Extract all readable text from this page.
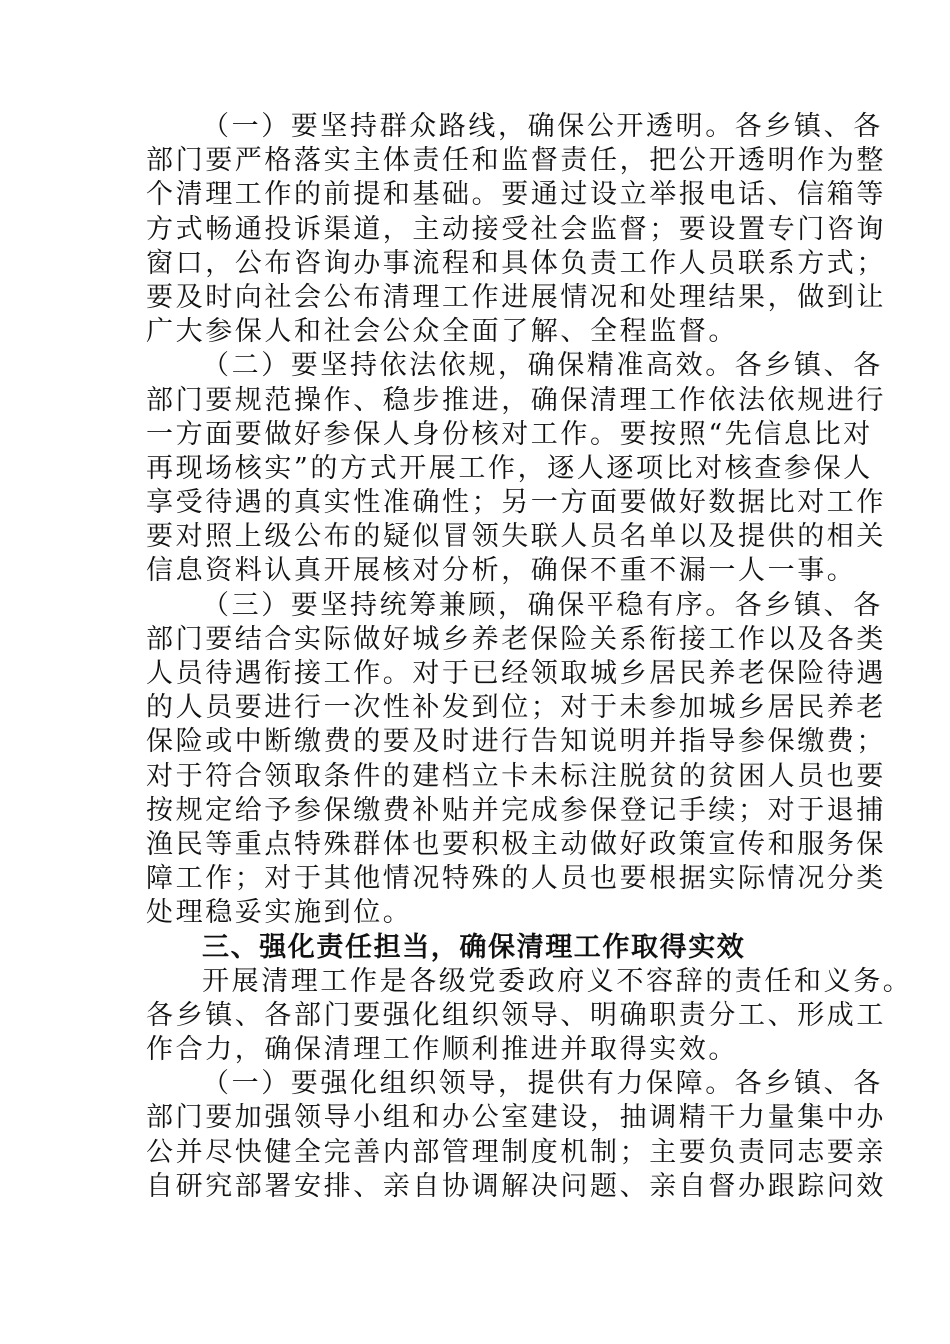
（一）要坚持群众路线，确保公开透明。各乡镇、各
部门要严格落实主体责任和监督责任，把公开透明作为整
个清理工作的前提和基础。要通过设立举报电话、信箱等
方式畅通投诉渠道，主动接受社会监督；要设置专门咨询
窗口，公布咨询办事流程和具体负责工作人员联系方式；
要及时向社会公布清理工作进展情况和处理结果，做到让
广大参保人和社会公众全面了解、全程监督。
（二）要坚持依法依规，确保精准高效。各乡镇、各
部门要规范操作、稳步推进，确保清理工作依法依规进行
一方面要做好参保人身份核对工作。要按照“先信息比对
再现场核实”的方式开展工作，逐人逐项比对核查参保人
享受待遇的真实性准确性；另一方面要做好数据比对工作
要对照上级公布的疑似冒领失联人员名单以及提供的相关
信息资料认真开展核对分析，确保不重不漏一人一事。
（三）要坚持统筹兼顾，确保平稳有序。各乡镇、各
部门要结合实际做好城乡养老保险关系衔接工作以及各类
人员待遇衔接工作。对于已经领取城乡居民养老保险待遇
的人员要进行一次性补发到位；对于未参加城乡居民养老
保险或中断缴费的要及时进行告知说明并指导参保缴费；
对于符合领取条件的建档立卡未标注脱贫的贫困人员也要
按规定给予参保缴费补贴并完成参保登记手续；对于退捕
渔民等重点特殊群体也要积极主动做好政策宣传和服务保
障工作；对于其他情况特殊的人员也要根据实际情况分类
处理稳妥实施到位。
三、强化责任担当，确保清理工作取得实效
开展清理工作是各级党委政府义不容辞的责任和义务。
各乡镇、各部门要强化组织领导、明确职责分工、形成工
作合力，确保清理工作顺利推进并取得实效。
（一）要强化组织领导，提供有力保障。各乡镇、各
部门要加强领导小组和办公室建设，抽调精干力量集中办
公并尽快健全完善内部管理制度机制；主要负责同志要亲
自研究部署安排、亲自协调解决问题、亲自督办跟踪问效
